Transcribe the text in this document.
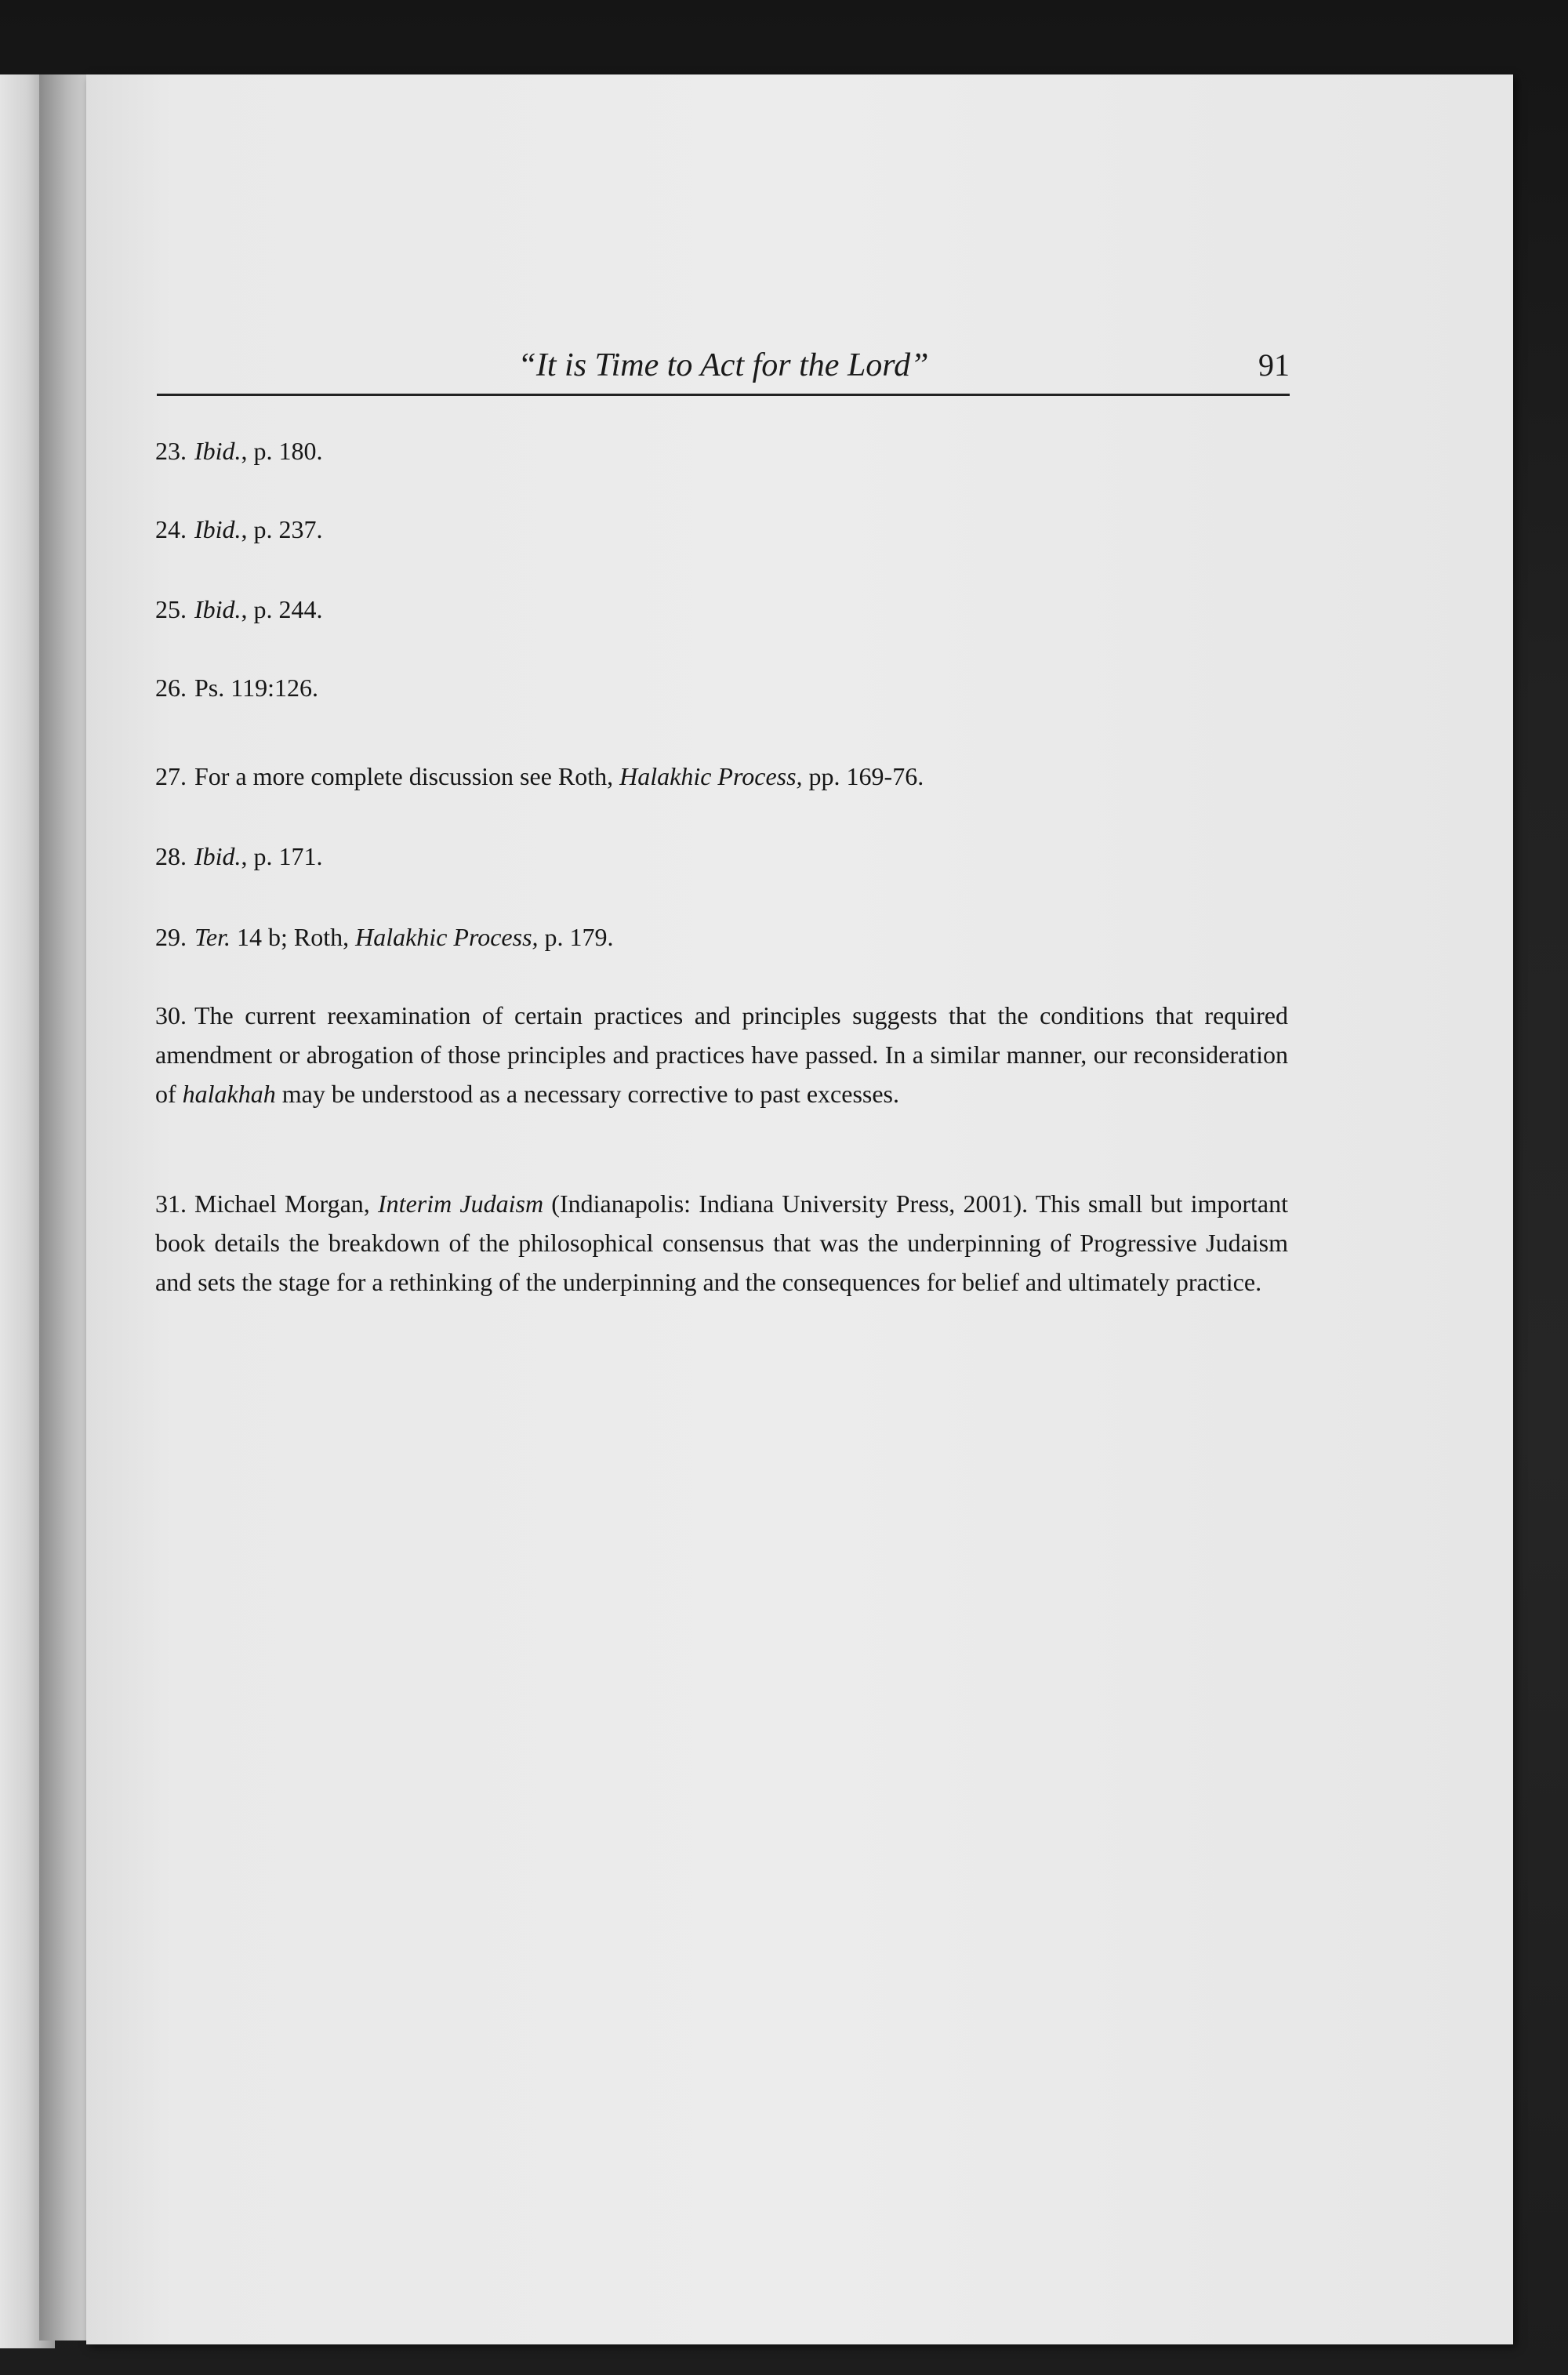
“It is Time to Act for the Lord”	91
23. Ibid., p. 180.
24. Ibid., p. 237.
25. Ibid., p. 244.
26. Ps. 119:126.
27. For a more complete discussion see Roth, Halakhic Process, pp. 169-76.
28. Ibid., p. 171.
29. Ter. 14 b; Roth, Halakhic Process, p. 179.
30. The current reexamination of certain practices and principles suggests that the conditions that required amendment or abrogation of those principles and practices have passed. In a similar manner, our reconsideration of halakhah may be understood as a necessary corrective to past excesses.
31. Michael Morgan, Interim Judaism (Indianapolis: Indiana University Press, 2001). This small but important book details the breakdown of the philosophical consensus that was the underpinning of Progressive Judaism and sets the stage for a rethinking of the underpinning and the consequences for belief and ultimately practice.
